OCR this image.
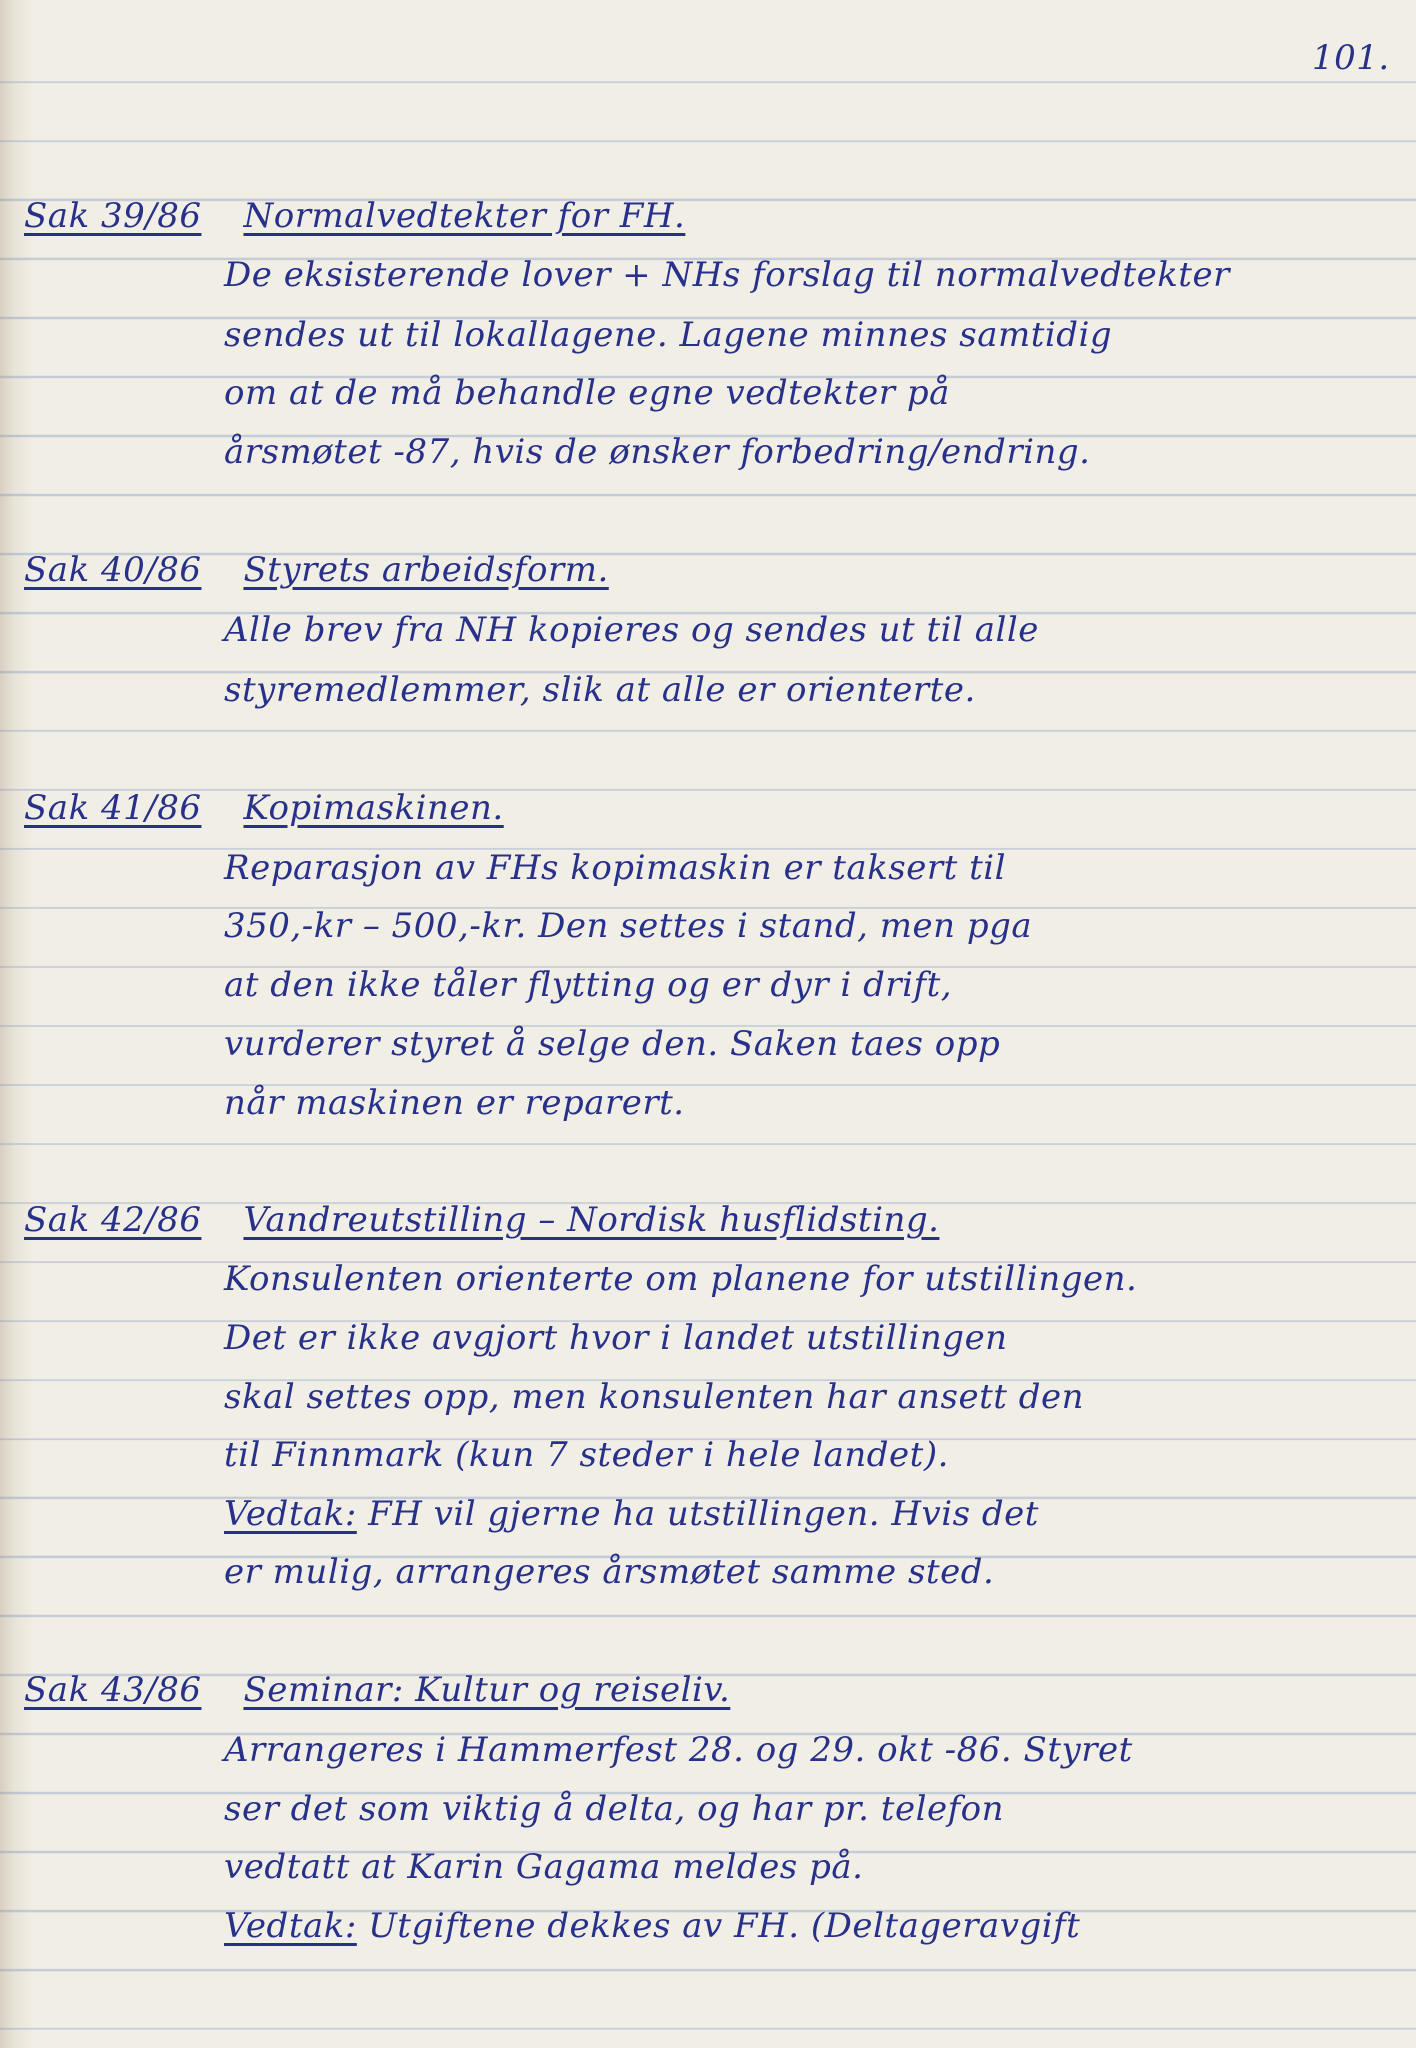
101.
Sak 39/86 Normalvedtekter for FH.
De eksisterende lover + NHs forslag til normalvedtekter
sendes ut til lokallagene. Lagene minnes samtidig
om at de må behandle egne vedtekter på
årsmøtet -87, hvis de ønsker forbedring/endring.
Sak 40/86 Styrets arbeidsform.
Alle brev fra NH kopieres og sendes ut til alle
styremedlemmer, slik at alle er orienterte.
Sak 41/86 Kopimaskinen.
Reparasjon av FHs kopimaskin er taksert til
350,-kr – 500,-kr. Den settes i stand, men pga
at den ikke tåler flytting og er dyr i drift,
vurderer styret å selge den. Saken taes opp
når maskinen er reparert.
Sak 42/86 Vandreutstilling – Nordisk husflidsting.
Konsulenten orienterte om planene for utstillingen.
Det er ikke avgjort hvor i landet utstillingen
skal settes opp, men konsulenten har ansett den
til Finnmark (kun 7 steder i hele landet).
Vedtak: FH vil gjerne ha utstillingen. Hvis det
er mulig, arrangeres årsmøtet samme sted.
Sak 43/86 Seminar: Kultur og reiseliv.
Arrangeres i Hammerfest 28. og 29. okt -86. Styret
ser det som viktig å delta, og har pr. telefon
vedtatt at Karin Gagama meldes på.
Vedtak: Utgiftene dekkes av FH. (Deltageravgift
